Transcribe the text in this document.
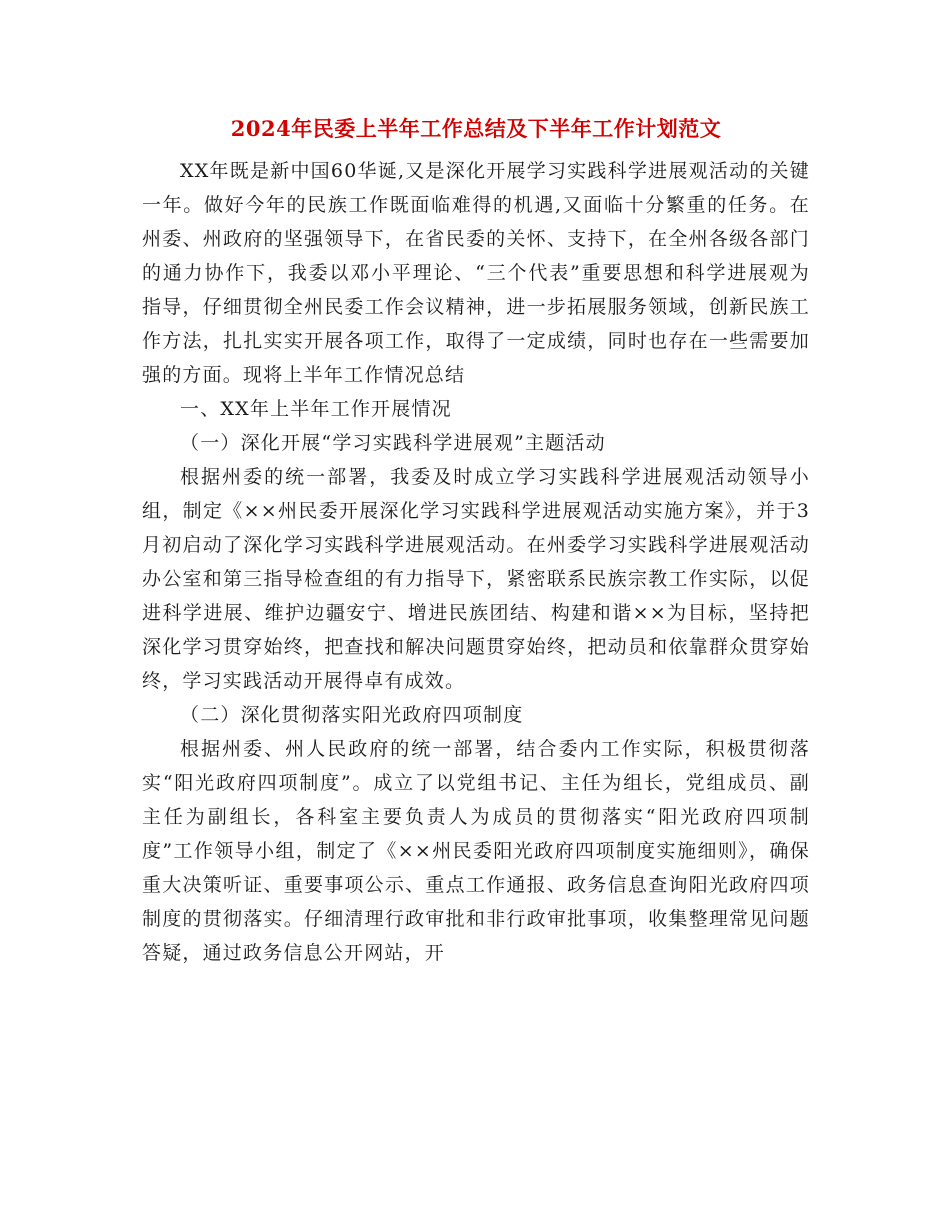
2024年民委上半年工作总结及下半年工作计划范文

XX年既是新中国60华诞,又是深化开展学习实践科学进展观活动的关键一年。做好今年的民族工作既面临难得的机遇,又面临十分繁重的任务。在州委、州政府的坚强领导下，在省民委的关怀、支持下，在全州各级各部门的通力协作下，我委以邓小平理论、“三个代表”重要思想和科学进展观为指导，仔细贯彻全州民委工作会议精神，进一步拓展服务领域，创新民族工作方法，扎扎实实开展各项工作，取得了一定成绩，同时也存在一些需要加强的方面。现将上半年工作情况总结

一、XX年上半年工作开展情况

（一）深化开展“学习实践科学进展观”主题活动

根据州委的统一部署，我委及时成立学习实践科学进展观活动领导小组，制定《××州民委开展深化学习实践科学进展观活动实施方案》，并于3月初启动了深化学习实践科学进展观活动。在州委学习实践科学进展观活动办公室和第三指导检查组的有力指导下，紧密联系民族宗教工作实际，以促进科学进展、维护边疆安宁、增进民族团结、构建和谐××为目标，坚持把深化学习贯穿始终，把查找和解决问题贯穿始终，把动员和依靠群众贯穿始终，学习实践活动开展得卓有成效。

（二）深化贯彻落实阳光政府四项制度

根据州委、州人民政府的统一部署，结合委内工作实际，积极贯彻落实“阳光政府四项制度”。成立了以党组书记、主任为组长，党组成员、副主任为副组长，各科室主要负责人为成员的贯彻落实“阳光政府四项制度”工作领导小组，制定了《××州民委阳光政府四项制度实施细则》，确保重大决策听证、重要事项公示、重点工作通报、政务信息查询阳光政府四项制度的贯彻落实。仔细清理行政审批和非行政审批事项，收集整理常见问题答疑，通过政务信息公开网站，开
